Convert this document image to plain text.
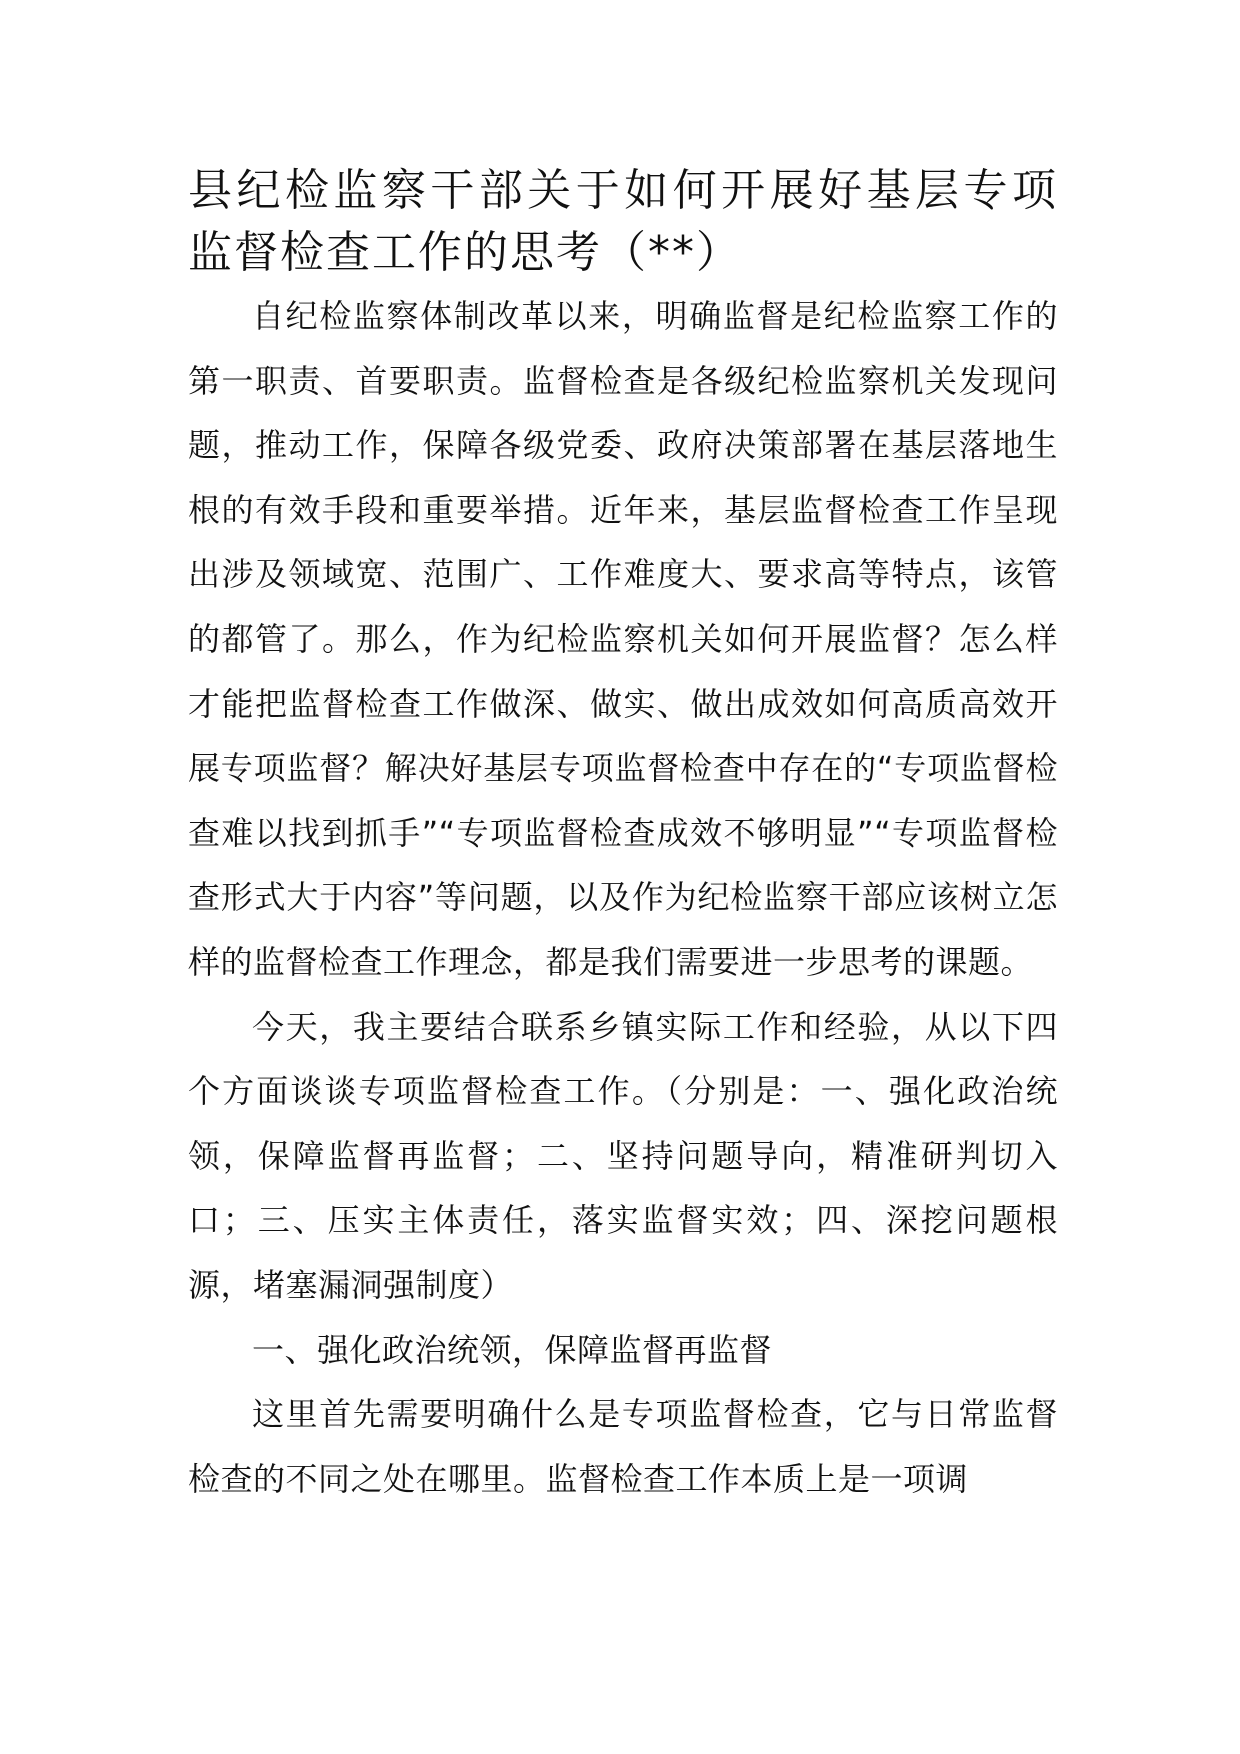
县纪检监察干部关于如何开展好基层专项监督检查工作的思考（**）

自纪检监察体制改革以来，明确监督是纪检监察工作的第一职责、首要职责。监督检查是各级纪检监察机关发现问题，推动工作，保障各级党委、政府决策部署在基层落地生根的有效手段和重要举措。近年来，基层监督检查工作呈现出涉及领域宽、范围广、工作难度大、要求高等特点，该管的都管了。那么，作为纪检监察机关如何开展监督？怎么样才能把监督检查工作做深、做实、做出成效如何高质高效开展专项监督？解决好基层专项监督检查中存在的“专项监督检查难以找到抓手”“专项监督检查成效不够明显”“专项监督检查形式大于内容”等问题，以及作为纪检监察干部应该树立怎样的监督检查工作理念，都是我们需要进一步思考的课题。

今天，我主要结合联系乡镇实际工作和经验，从以下四个方面谈谈专项监督检查工作。（分别是：一、强化政治统领，保障监督再监督；二、坚持问题导向，精准研判切入口；三、压实主体责任，落实监督实效；四、深挖问题根源，堵塞漏洞强制度）

一、强化政治统领，保障监督再监督

这里首先需要明确什么是专项监督检查，它与日常监督检查的不同之处在哪里。监督检查工作本质上是一项调
